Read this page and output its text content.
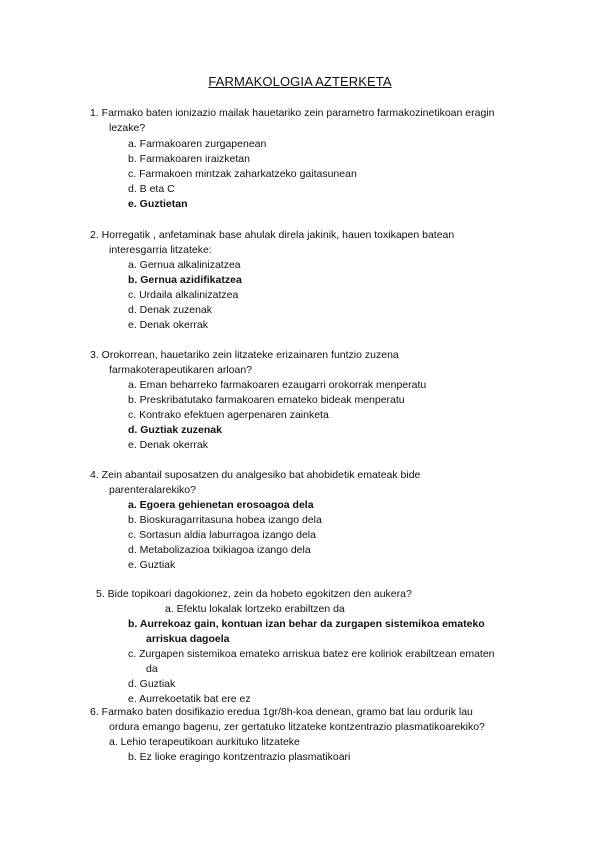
FARMAKOLOGIA AZTERKETA
1. Farmako baten ionizazio mailak hauetariko zein parametro farmakozinetikoan eragin
lezake?
a. Farmakoaren zurgapenean
b. Farmakoaren iraizketan
c. Farmakoen mintzak zaharkatzeko gaitasunean
d. B eta C
e. Guztietan
2. Horregatik , anfetaminak base ahulak direla jakinik, hauen toxikapen batean
interesgarria litzateke:
a. Gernua alkalinizatzea
b. Gernua azidifikatzea
c. Urdaila alkalinizatzea
d. Denak zuzenak
e. Denak okerrak
3. Orokorrean, hauetariko zein litzateke erizainaren funtzio zuzena
farmakoterapeutikaren arloan?
a. Eman beharreko farmakoaren ezaugarri orokorrak menperatu
b. Preskribatutako farmakoaren emateko bideak menperatu
c. Kontrako efektuen agerpenaren zainketa
d. Guztiak zuzenak
e. Denak okerrak
4. Zein abantail suposatzen du analgesiko bat ahobidetik emateak bide
parenteralarekiko?
a. Egoera gehienetan erosoagoa dela
b. Bioskuragarritasuna hobea izango dela
c. Sortasun aldia laburragoa izango dela
d. Metabolizazioa txikiagoa izango dela
e. Guztiak
5. Bide topikoari dagokionez, zein da hobeto egokitzen den aukera?
a. Efektu lokalak lortzeko erabiltzen da
b. Aurrekoaz gain, kontuan izan behar da zurgapen sistemikoa emateko
arriskua dagoela
c. Zurgapen sistemikoa emateko arriskua batez ere koliriok erabiltzean ematen
da
d. Guztiak
e. Aurrekoetatik bat ere ez
6. Farmako baten dosifikazio eredua 1gr/8h-koa denean, gramo bat lau ordurik lau
ordura emango bagenu, zer gertatuko litzateke kontzentrazio plasmatikoarekiko?
a. Lehio terapeutikoan aurkituko litzateke
b. Ez lioke eragingo kontzentrazio plasmatikoari
